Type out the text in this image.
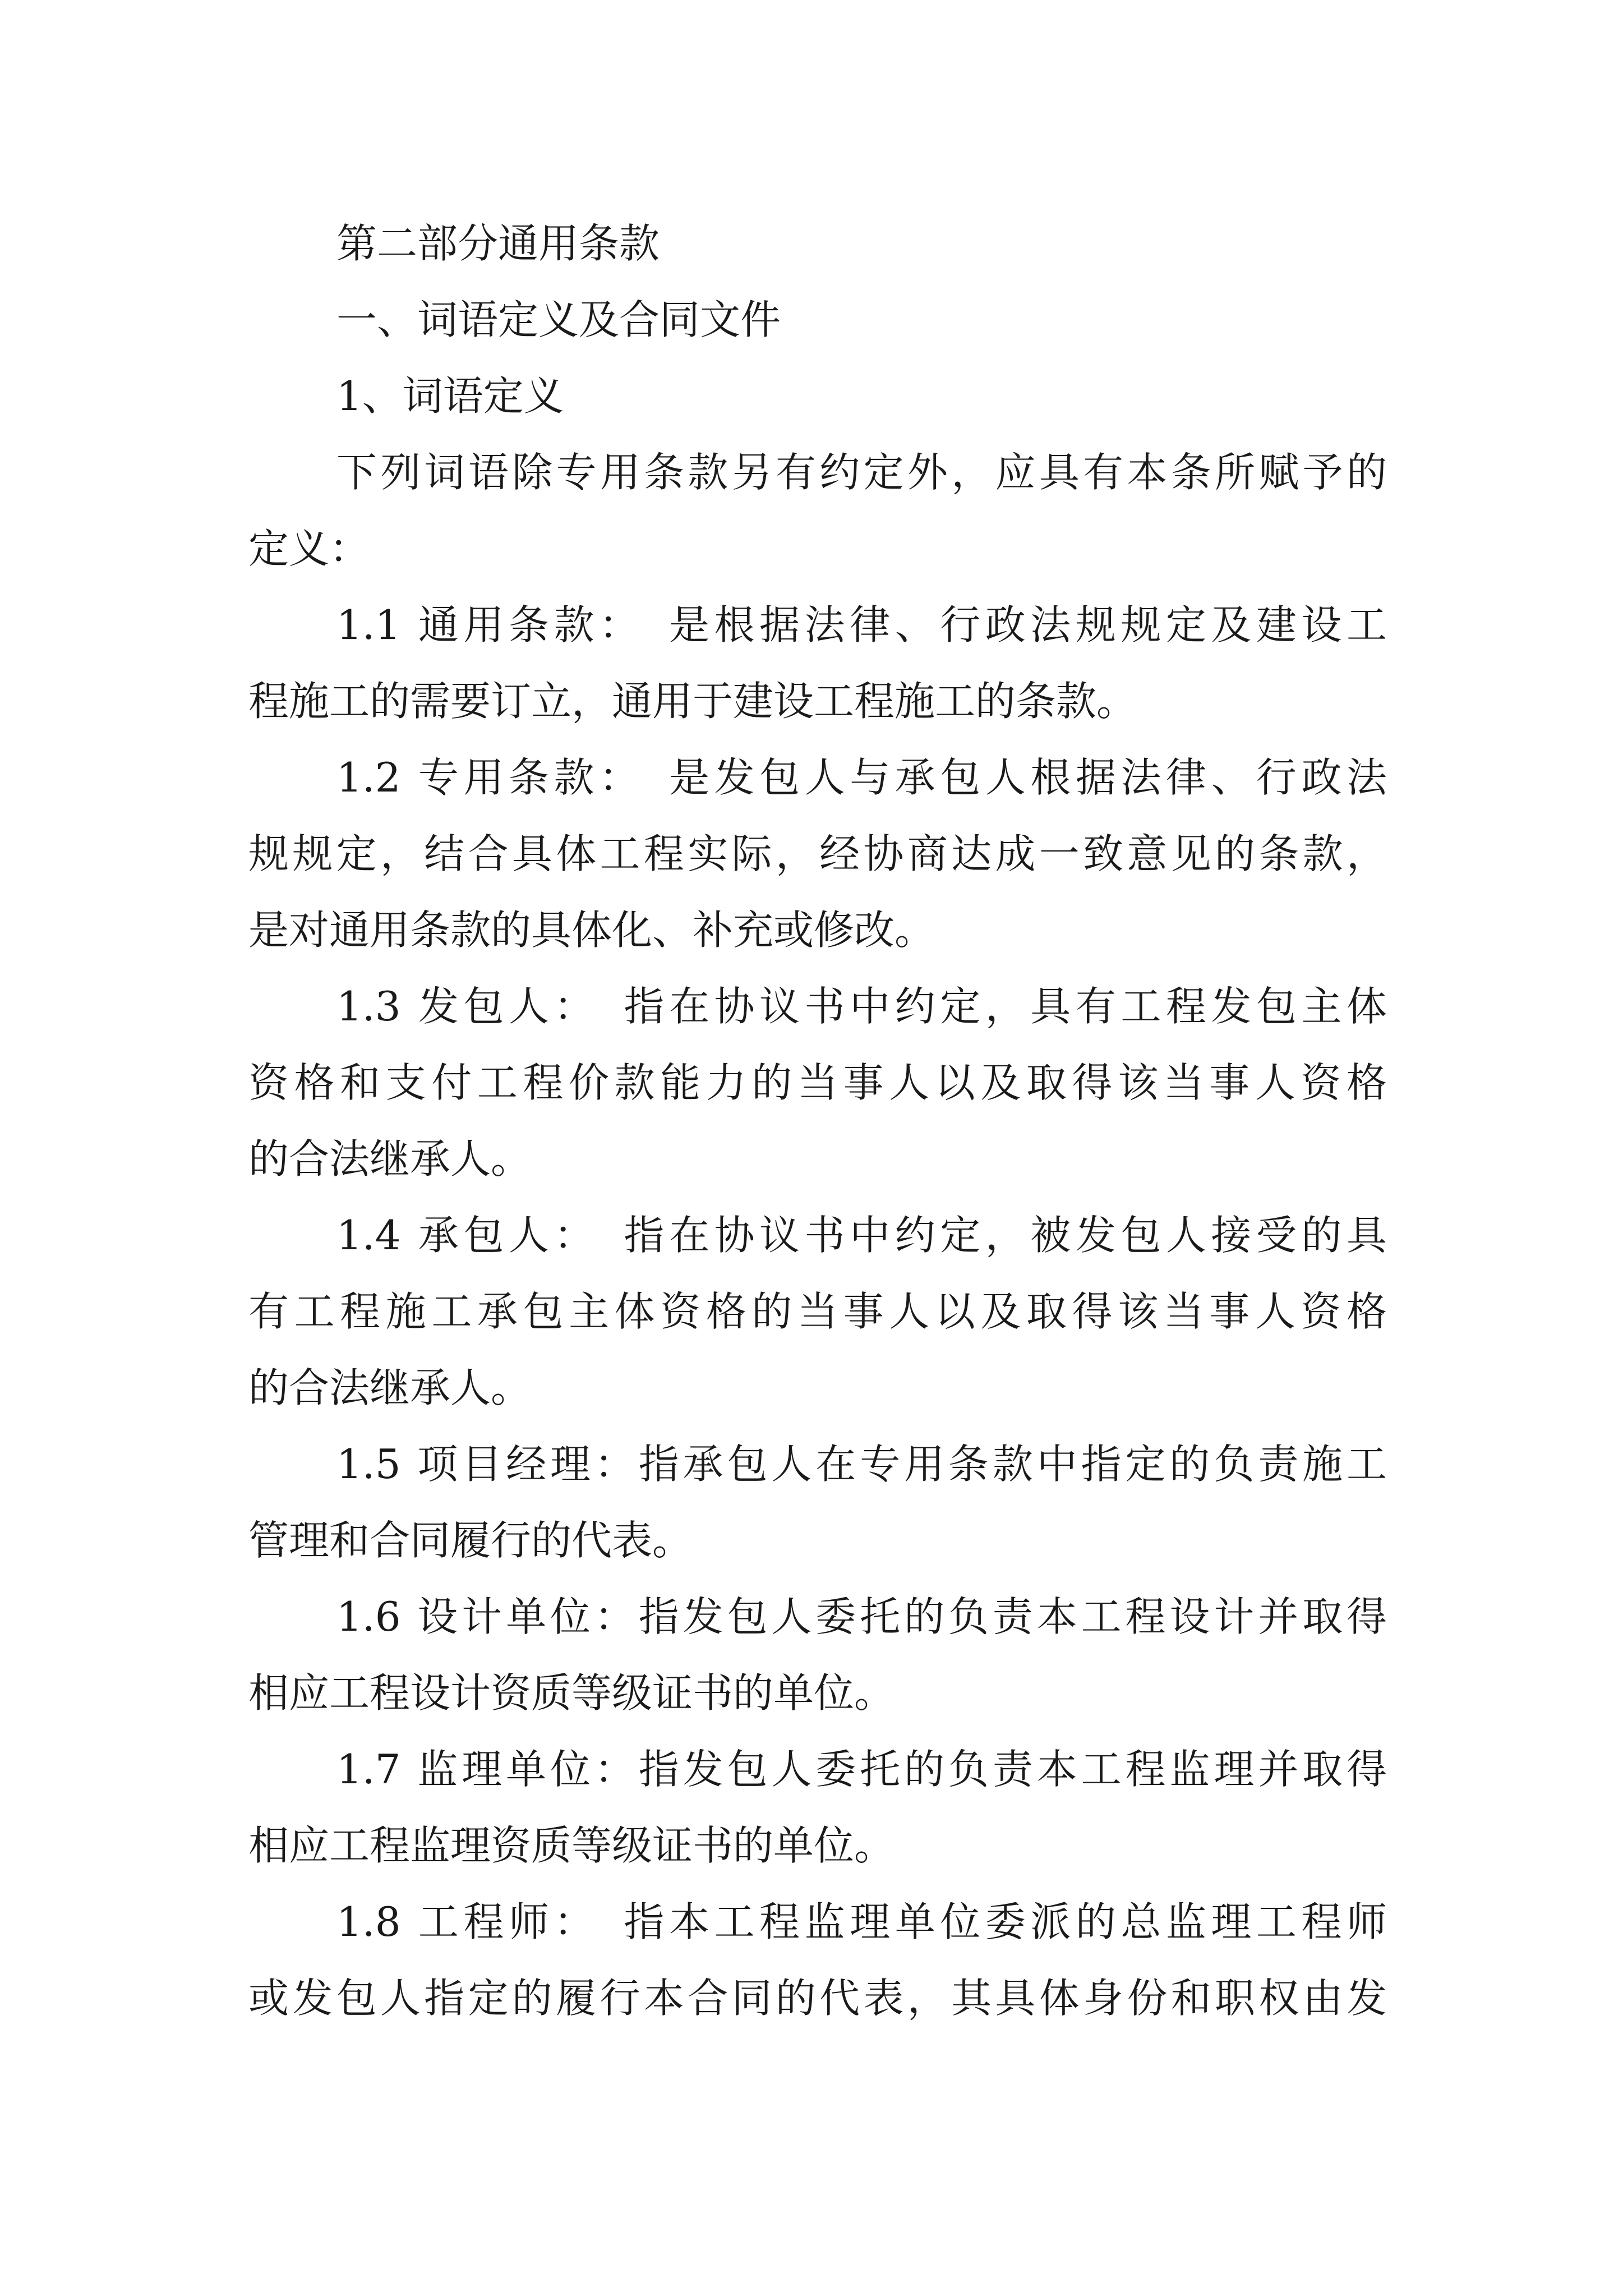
第二部分通用条款
一、词语定义及合同文件
1、词语定义
下列词语除专用条款另有约定外，应具有本条所赋予的
定义：
1.1 通用条款：　是根据法律、行政法规规定及建设工
程施工的需要订立，通用于建设工程施工的条款。
1.2 专用条款：　是发包人与承包人根据法律、行政法
规规定，结合具体工程实际，经协商达成一致意见的条款，
是对通用条款的具体化、补充或修改。
1.3 发包人：　指在协议书中约定，具有工程发包主体
资格和支付工程价款能力的当事人以及取得该当事人资格
的合法继承人。
1.4 承包人：　指在协议书中约定，被发包人接受的具
有工程施工承包主体资格的当事人以及取得该当事人资格
的合法继承人。
1.5 项目经理：指承包人在专用条款中指定的负责施工
管理和合同履行的代表。
1.6 设计单位：指发包人委托的负责本工程设计并取得
相应工程设计资质等级证书的单位。
1.7 监理单位：指发包人委托的负责本工程监理并取得
相应工程监理资质等级证书的单位。
1.8 工程师：　指本工程监理单位委派的总监理工程师
或发包人指定的履行本合同的代表，其具体身份和职权由发
